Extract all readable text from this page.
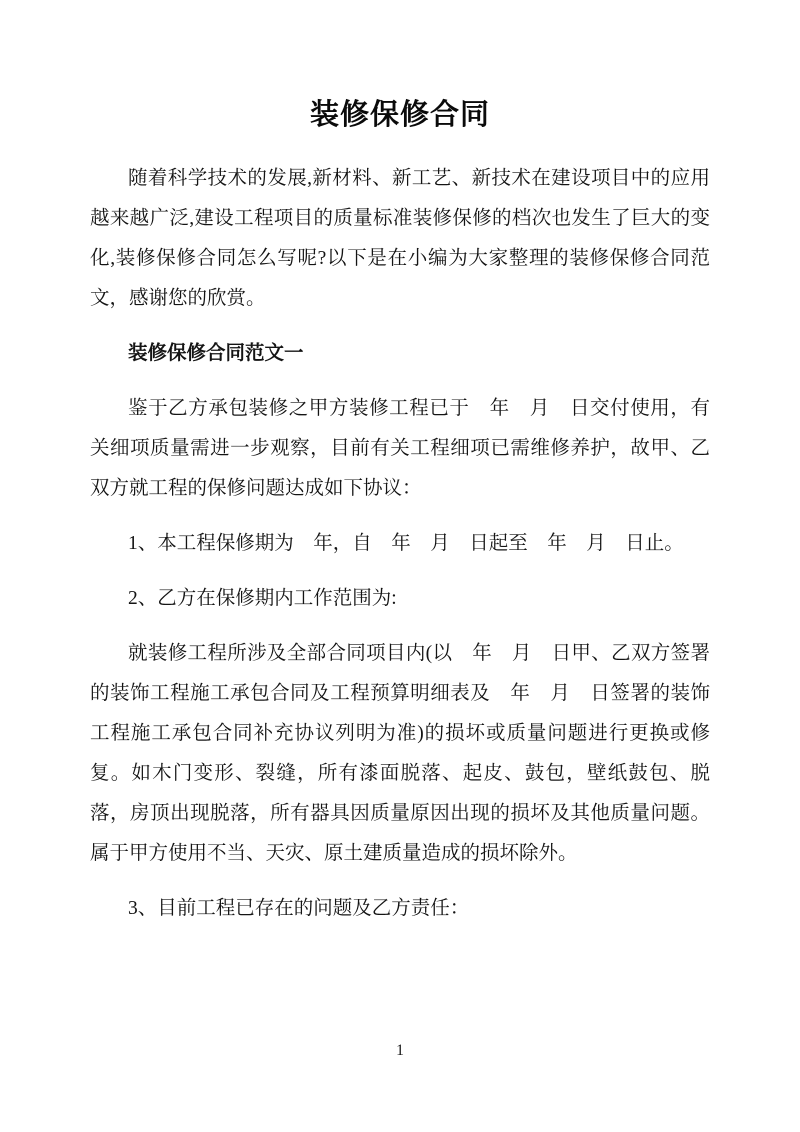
装修保修合同

随着科学技术的发展,新材料、新工艺、新技术在建设项目中的应用越来越广泛,建设工程项目的质量标准装修保修的档次也发生了巨大的变化,装修保修合同怎么写呢?以下是在小编为大家整理的装修保修合同范文，感谢您的欣赏。

装修保修合同范文一

鉴于乙方承包装修之甲方装修工程已于　年　月　日交付使用，有关细项质量需进一步观察，目前有关工程细项已需维修养护，故甲、乙双方就工程的保修问题达成如下协议：

1、本工程保修期为　年，自　年　月　日起至　年　月　日止。

2、乙方在保修期内工作范围为:

就装修工程所涉及全部合同项目内(以　年　月　日甲、乙双方签署的装饰工程施工承包合同及工程预算明细表及　年　月　日签署的装饰工程施工承包合同补充协议列明为准)的损坏或质量问题进行更换或修复。如木门变形、裂缝，所有漆面脱落、起皮、鼓包，壁纸鼓包、脱落，房顶出现脱落，所有器具因质量原因出现的损坏及其他质量问题。属于甲方使用不当、天灾、原土建质量造成的损坏除外。

3、目前工程已存在的问题及乙方责任：

1
